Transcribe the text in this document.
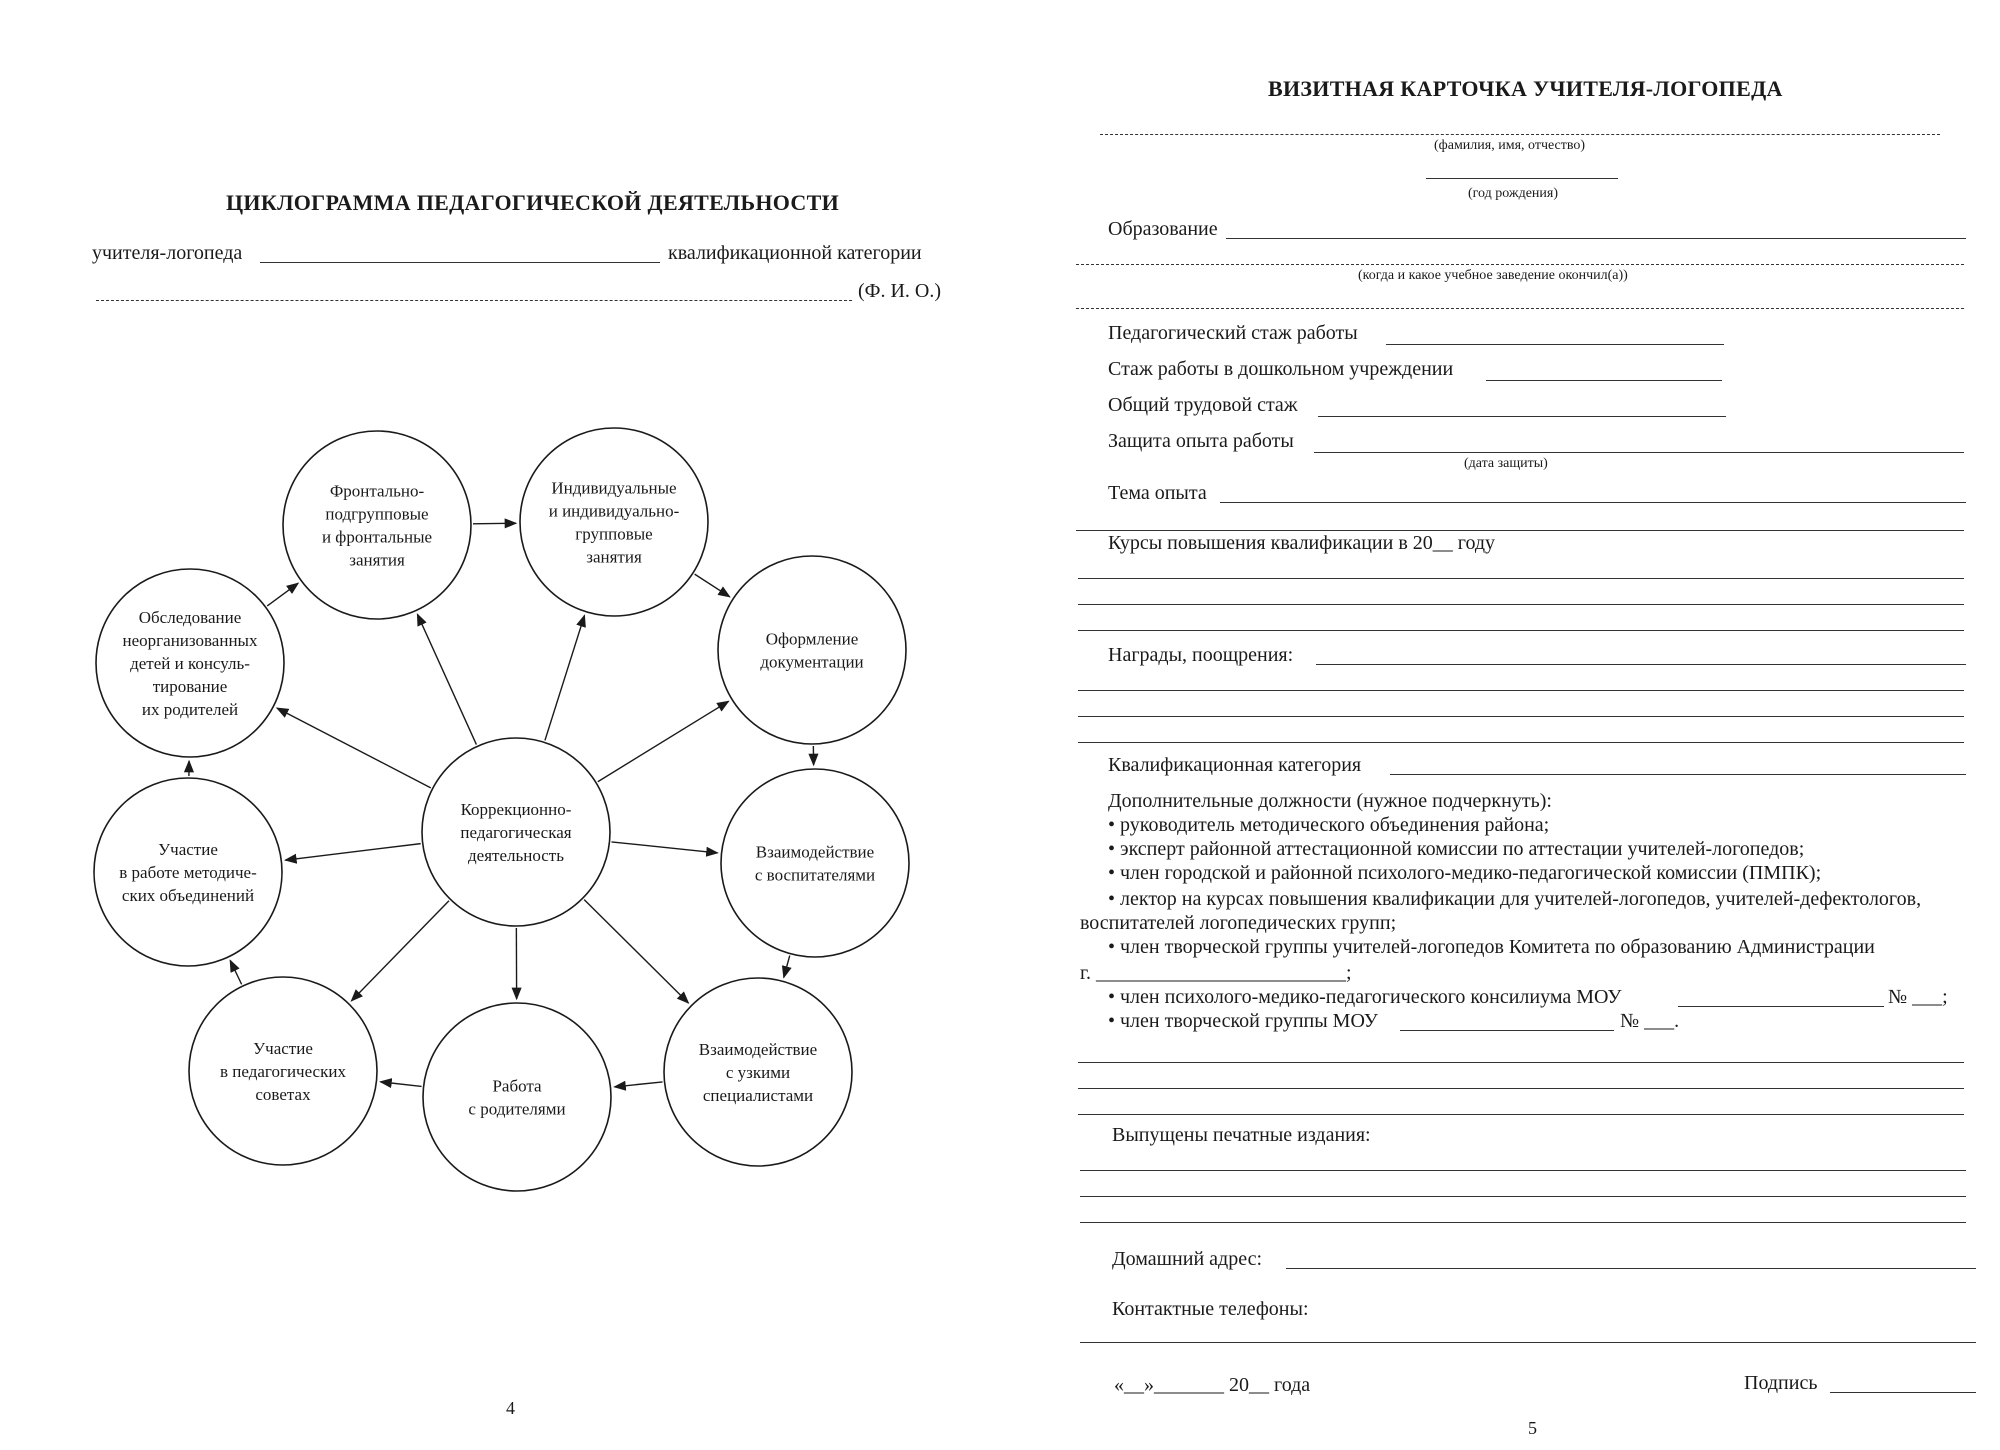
ЦИКЛОГРАММА ПЕДАГОГИЧЕСКОЙ ДЕЯТЕЛЬНОСТИ
учителя-логопеда	квалификационной категории
(Ф. И. О.)
Коррекционно-
педагогическая
деятельность
Фронтально-
подгрупповые
и фронтальные
занятия
Индивидуальные
и индивидуально-
групповые
занятия
Оформление
документации
Взаимодействие
с воспитателями
Взаимодействие
с узкими
специалистами
Работа
с родителями
Участие
в педагогических
советах
Участие
в работе методиче-
ских объединений
Обследование
неорганизованных
детей и консуль-
тирование
их родителей
4
ВИЗИТНАЯ КАРТОЧКА УЧИТЕЛЯ-ЛОГОПЕДА
(фамилия, имя, отчество)
(год рождения)
Образование
(когда и какое учебное заведение окончил(а))
Педагогический стаж работы
Стаж работы в дошкольном учреждении
Общий трудовой стаж
Защита опыта работы
(дата защиты)
Тема опыта
Курсы повышения квалификации в 20__ году
Награды, поощрения:
Квалификационная категория
Дополнительные должности (нужное подчеркнуть):
• руководитель методического объединения района;
• эксперт районной аттестационной комиссии по аттестации учителей-логопедов;
• член городской и районной психолого-медико-педагогической комиссии (ПМПК);
• лектор на курсах повышения квалификации для учителей-логопедов, учителей-дефектологов,
воспитателей логопедических групп;
• член творческой группы учителей-логопедов Комитета по образованию Администрации
г. _________________________;
• член психолого-медико-педагогического консилиума МОУ	№ ___;
• член творческой группы МОУ	№ ___.
Выпущены печатные издания:
Домашний адрес:
Контактные телефоны:
«__»_______ 20__ года	Подпись
5
